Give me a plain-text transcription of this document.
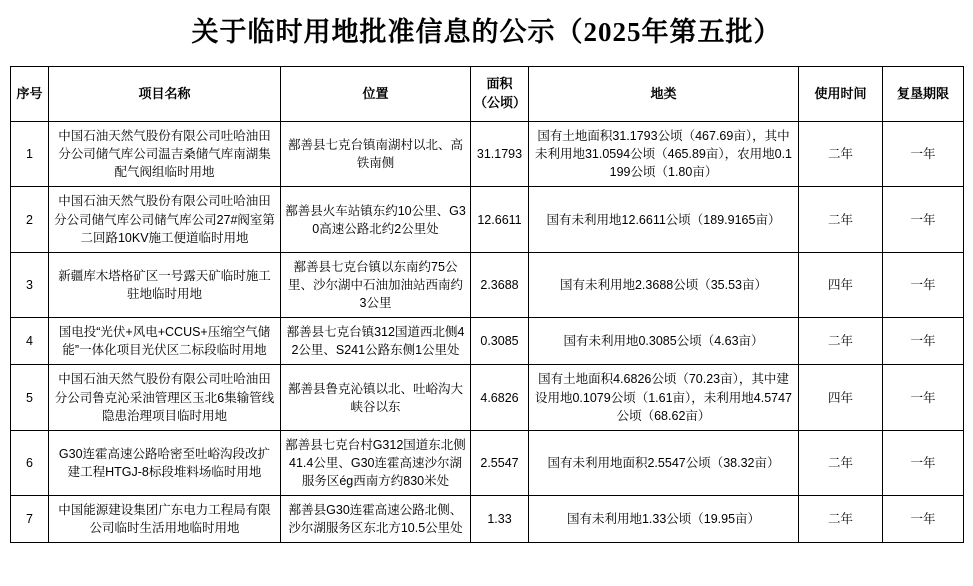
关于临时用地批准信息的公示（2025年第五批）
序号	项目名称	位置	面积（公顷）	地类	使用时间	复垦期限
1	中国石油天然气股份有限公司吐哈油田分公司储气库公司温吉桑储气库南湖集配气阀组临时用地	鄯善县七克台镇南湖村以北、高铁南侧	31.1793	国有土地面积31.1793公顷（467.69亩），其中未利用地31.0594公顷（465.89亩），农用地0.1199公顷（1.80亩）	二年	一年
2	中国石油天然气股份有限公司吐哈油田分公司储气库公司储气库公司27#阀室第二回路10KV施工便道临时用地	鄯善县火车站镇东约10公里、G30高速公路北约2公里处	12.6611	国有未利用地12.6611公顷（189.9165亩）	二年	一年
3	新疆库木塔格矿区一号露天矿临时施工驻地临时用地	鄯善县七克台镇以东南约75公里、沙尔湖中石油加油站西南约3公里	2.3688	国有未利用地2.3688公顷（35.53亩）	四年	一年
4	国电投“光伏+风电+CCUS+压缩空气储能”一体化项目光伏区二标段临时用地	鄯善县七克台镇312国道西北侧42公里、S241公路东侧1公里处	0.3085	国有未利用地0.3085公顷（4.63亩）	二年	一年
5	中国石油天然气股份有限公司吐哈油田分公司鲁克沁采油管理区玉北6集输管线隐患治理项目临时用地	鄯善县鲁克沁镇以北、吐峪沟大峡谷以东	4.6826	国有土地面积4.6826公顷（70.23亩），其中建设用地0.1079公顷（1.61亩），未利用地4.5747公顷（68.62亩）	四年	一年
6	G30连霍高速公路哈密至吐峪沟段改扩建工程HTGJ-8标段堆料场临时用地	鄯善县七克台村G312国道东北侧41.4公里、G30连霍高速沙尔湖服务区ég西南方约830米处	2.5547	国有未利用地面积2.5547公顷（38.32亩）	二年	一年
7	中国能源建设集团广东电力工程局有限公司临时生活用地临时用地	鄯善县G30连霍高速公路北侧、沙尔湖服务区东北方10.5公里处	1.33	国有未利用地1.33公顷（19.95亩）	二年	一年
